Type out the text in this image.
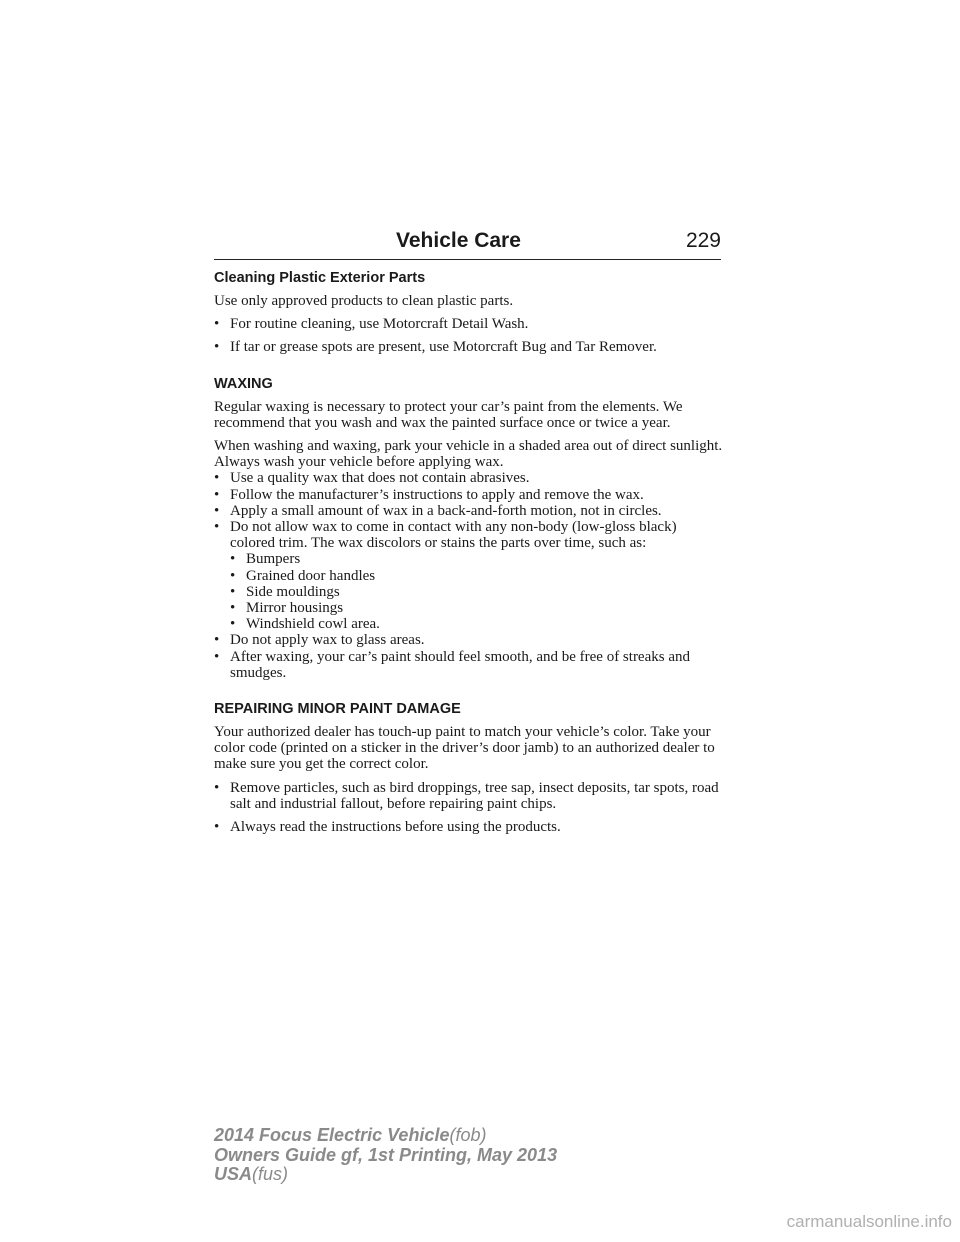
Vehicle Care	229
Cleaning Plastic Exterior Parts

Use only approved products to clean plastic parts.

• For routine cleaning, use Motorcraft Detail Wash.
• If tar or grease spots are present, use Motorcraft Bug and Tar Remover.
WAXING

Regular waxing is necessary to protect your car’s paint from the elements. We recommend that you wash and wax the painted surface once or twice a year.

When washing and waxing, park your vehicle in a shaded area out of direct sunlight. Always wash your vehicle before applying wax.

• Use a quality wax that does not contain abrasives.
• Follow the manufacturer’s instructions to apply and remove the wax.
• Apply a small amount of wax in a back-and-forth motion, not in circles.
• Do not allow wax to come in contact with any non-body (low-gloss black) colored trim. The wax discolors or stains the parts over time, such as:
• Bumpers
• Grained door handles
• Side mouldings
• Mirror housings
• Windshield cowl area.
• Do not apply wax to glass areas.
• After waxing, your car’s paint should feel smooth, and be free of streaks and smudges.
REPAIRING MINOR PAINT DAMAGE

Your authorized dealer has touch-up paint to match your vehicle’s color. Take your color code (printed on a sticker in the driver’s door jamb) to an authorized dealer to make sure you get the correct color.

• Remove particles, such as bird droppings, tree sap, insect deposits, tar spots, road salt and industrial fallout, before repairing paint chips.
• Always read the instructions before using the products.
2014 Focus Electric Vehicle(fob)
Owners Guide gf, 1st Printing, May 2013
USA(fus)
carmanualsonline.info
